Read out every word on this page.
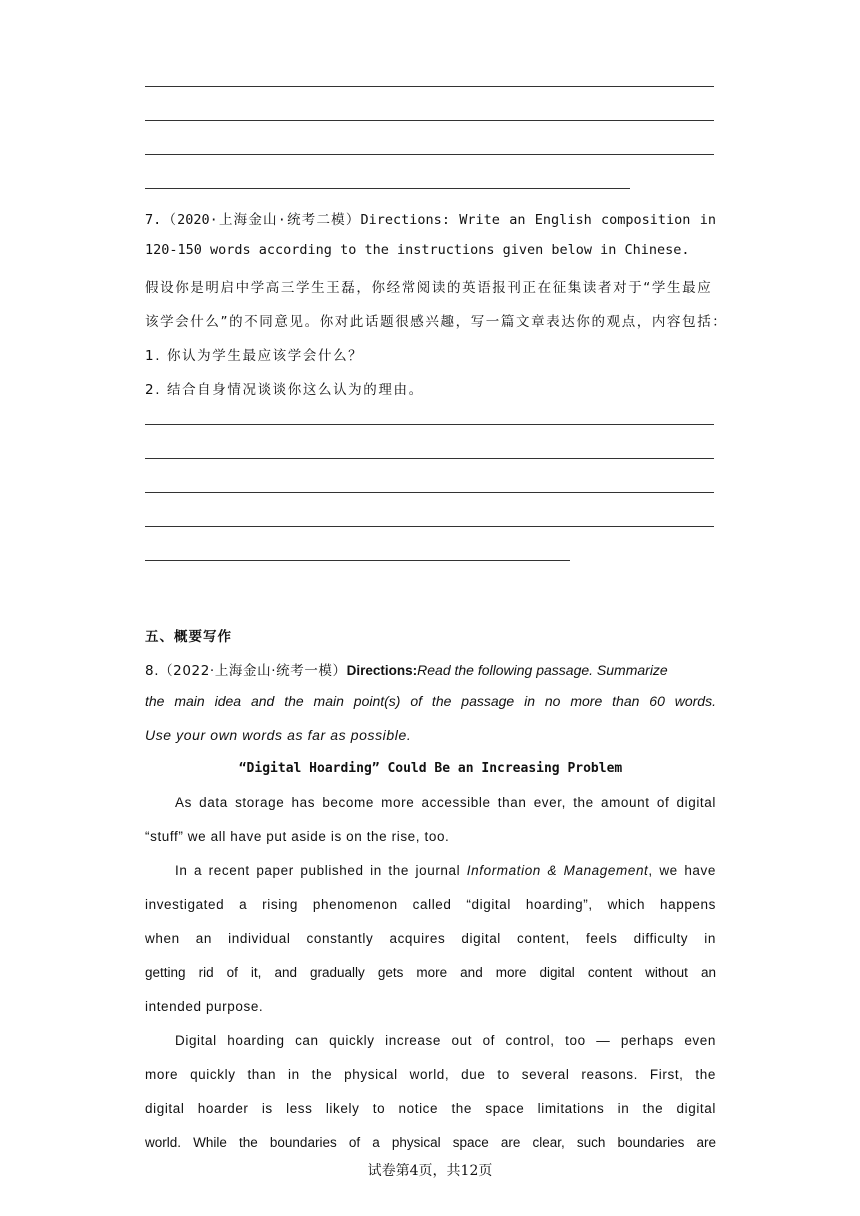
7.（2020·上海金山·统考二模）Directions: Write an English composition in
120-150 words according to the instructions given below in Chinese.
假设你是明启中学高三学生王磊，你经常阅读的英语报刊正在征集读者对于“学生最应
该学会什么”的不同意见。你对此话题很感兴趣，写一篇文章表达你的观点，内容包括：
1. 你认为学生最应该学会什么？
2. 结合自身情况谈谈你这么认为的理由。
五、概要写作
8.（2022·上海金山·统考一模）Directions:Read the following passage. Summarize
the main idea and the main point(s) of the passage in no more than 60 words.
Use your own words as far as possible.
“Digital Hoarding” Could Be an Increasing Problem
As data storage has become more accessible than ever, the amount of digital
“stuff” we all have put aside is on the rise, too.
In a recent paper published in the journal Information & Management, we have
investigated a rising phenomenon called “digital hoarding”, which happens
when an individual constantly acquires digital content, feels difficulty in
getting rid of it, and gradually gets more and more digital content without an
intended purpose.
Digital hoarding can quickly increase out of control, too — perhaps even
more quickly than in the physical world, due to several reasons. First, the
digital hoarder is less likely to notice the space limitations in the digital
world. While the boundaries of a physical space are clear, such boundaries are
试卷第4页，共12页
